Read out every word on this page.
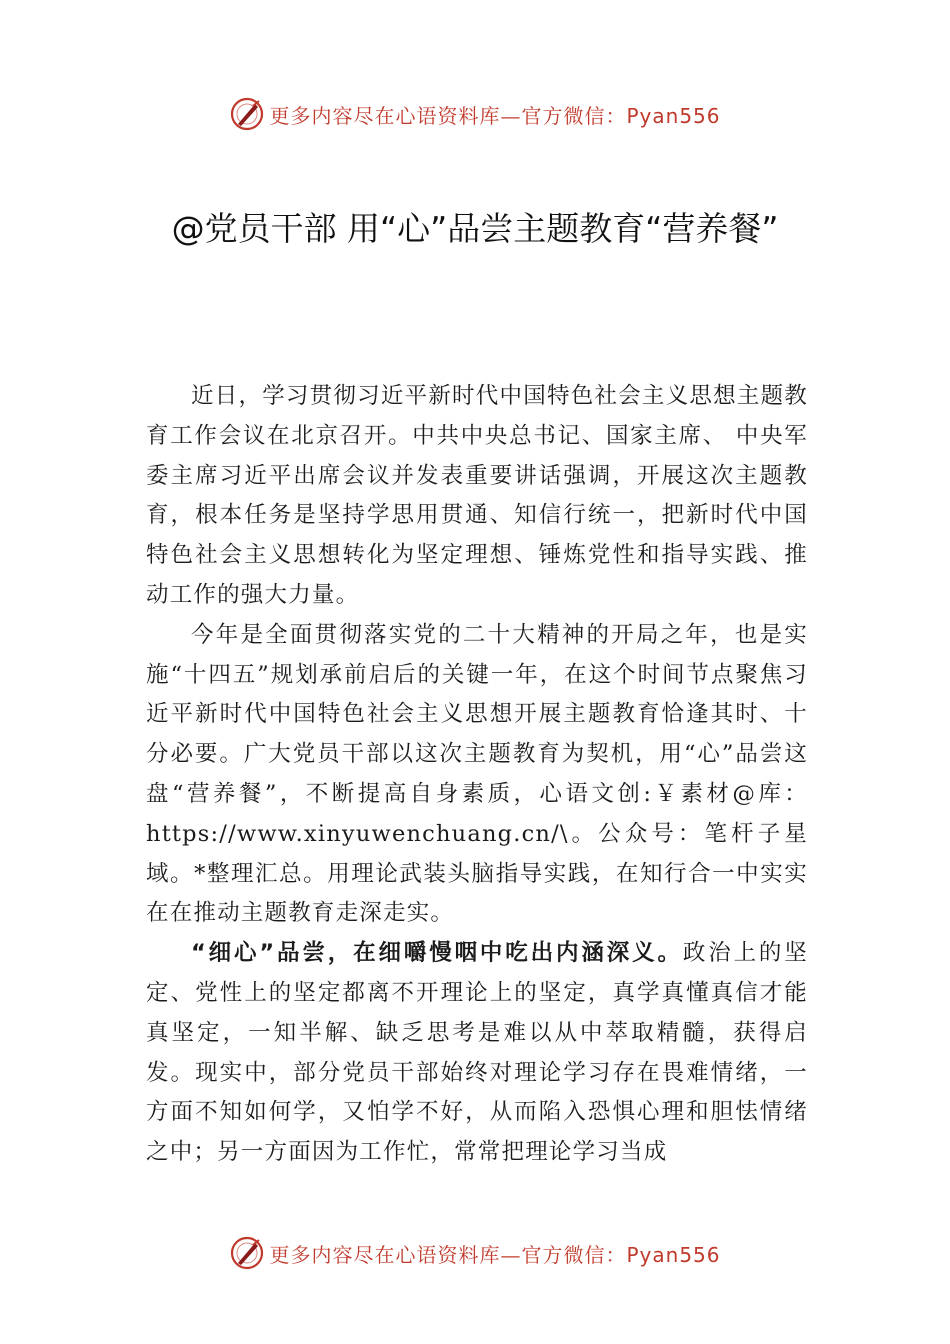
更多内容尽在心语资料库—官方微信：Pyan556
@党员干部 用“心”品尝主题教育“营养餐”

近日，学习贯彻习近平新时代中国特色社会主义思想主题教育工作会议在北京召开。中共中央总书记、国家主席、 中央军委主席习近平出席会议并发表重要讲话强调，开展这次主题教育，根本任务是坚持学思用贯通、知信行统一，把新时代中国特色社会主义思想转化为坚定理想、锤炼党性和指导实践、推动工作的强大力量。

今年是全面贯彻落实党的二十大精神的开局之年，也是实施“十四五”规划承前启后的关键一年，在这个时间节点聚焦习近平新时代中国特色社会主义思想开展主题教育恰逢其时、十分必要。广大党员干部以这次主题教育为契机，用“心”品尝这盘“营养餐”，不断提高自身素质，心语文创:￥素材@库：https://www.xinyuwenchuang.cn/\。公众号：笔杆子星域。*整理汇总。用理论武装头脑指导实践，在知行合一中实实在在推动主题教育走深走实。

“细心”品尝，在细嚼慢咽中吃出内涵深义。政治上的坚定、党性上的坚定都离不开理论上的坚定，真学真懂真信才能真坚定，一知半解、缺乏思考是难以从中萃取精髓，获得启发。现实中，部分党员干部始终对理论学习存在畏难情绪，一方面不知如何学，又怕学不好，从而陷入恐惧心理和胆怯情绪之中；另一方面因为工作忙，常常把理论学习当成

更多内容尽在心语资料库—官方微信：Pyan556
